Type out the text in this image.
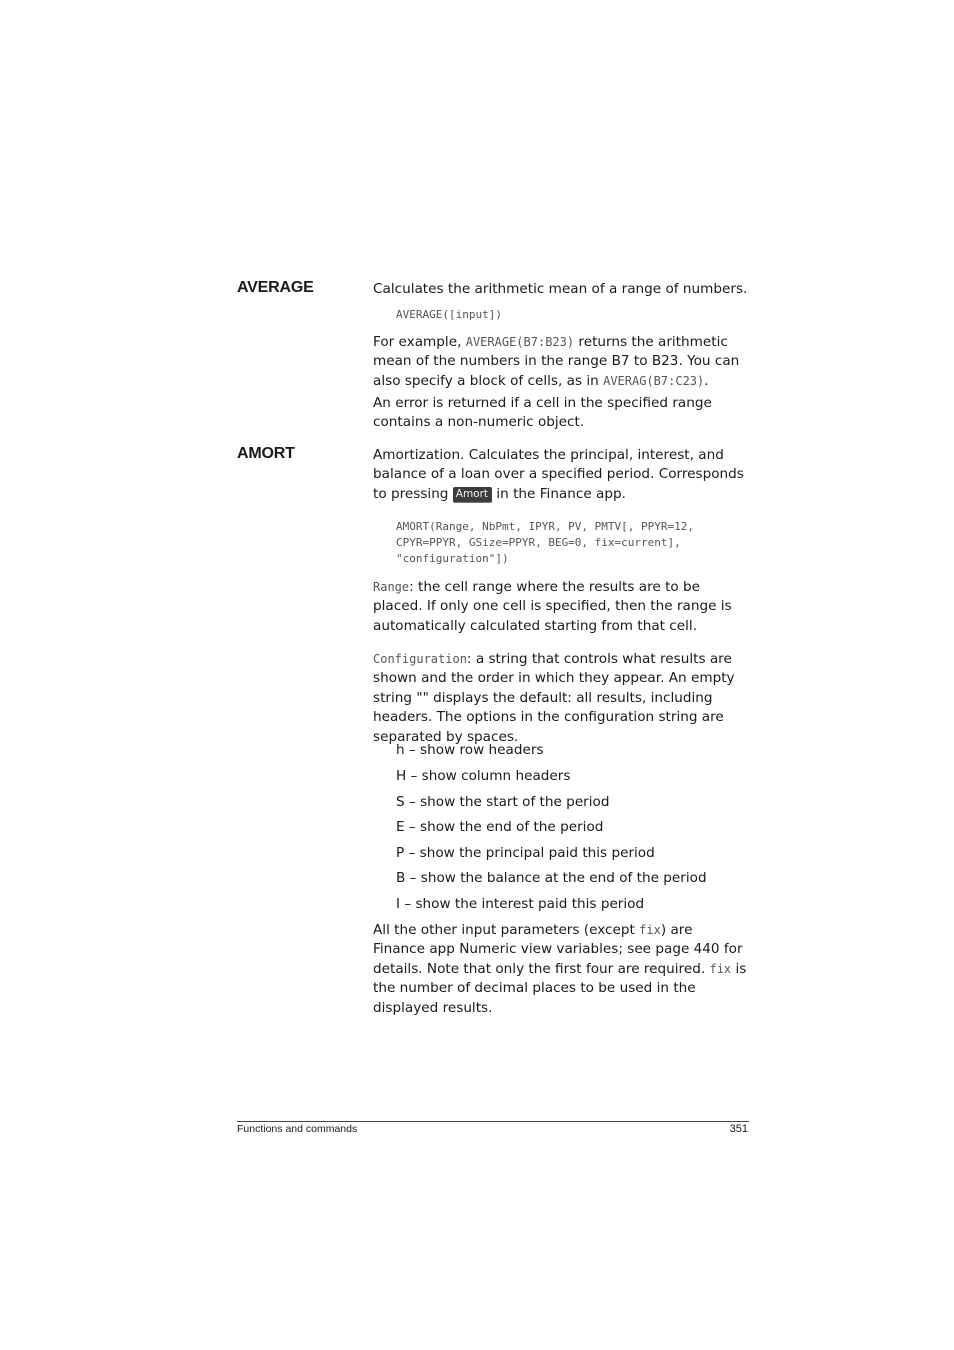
AVERAGE	Calculates the arithmetic mean of a range of numbers.

AVERAGE([input])

For example, AVERAGE(B7:B23) returns the arithmetic mean of the numbers in the range B7 to B23. You can also specify a block of cells, as in AVERAG(B7:C23).

An error is returned if a cell in the specified range contains a non-numeric object.

AMORT	Amortization. Calculates the principal, interest, and balance of a loan over a specified period. Corresponds to pressing Amort in the Finance app.

AMORT(Range, NbPmt, IPYR, PV, PMTV[, PPYR=12,

CPYR=PPYR, GSize=PPYR, BEG=0, fix=current],

"configuration"])

Range: the cell range where the results are to be placed. If only one cell is specified, then the range is automatically calculated starting from that cell.

Configuration: a string that controls what results are shown and the order in which they appear. An empty string "" displays the default: all results, including headers. The options in the configuration string are separated by spaces.

h – show row headers

H – show column headers

S – show the start of the period

E – show the end of the period

P – show the principal paid this period

B – show the balance at the end of the period

I – show the interest paid this period

All the other input parameters (except fix) are Finance app Numeric view variables; see page 440 for details. Note that only the first four are required. fix is the number of decimal places to be used in the displayed results.

Functions and commands	351
